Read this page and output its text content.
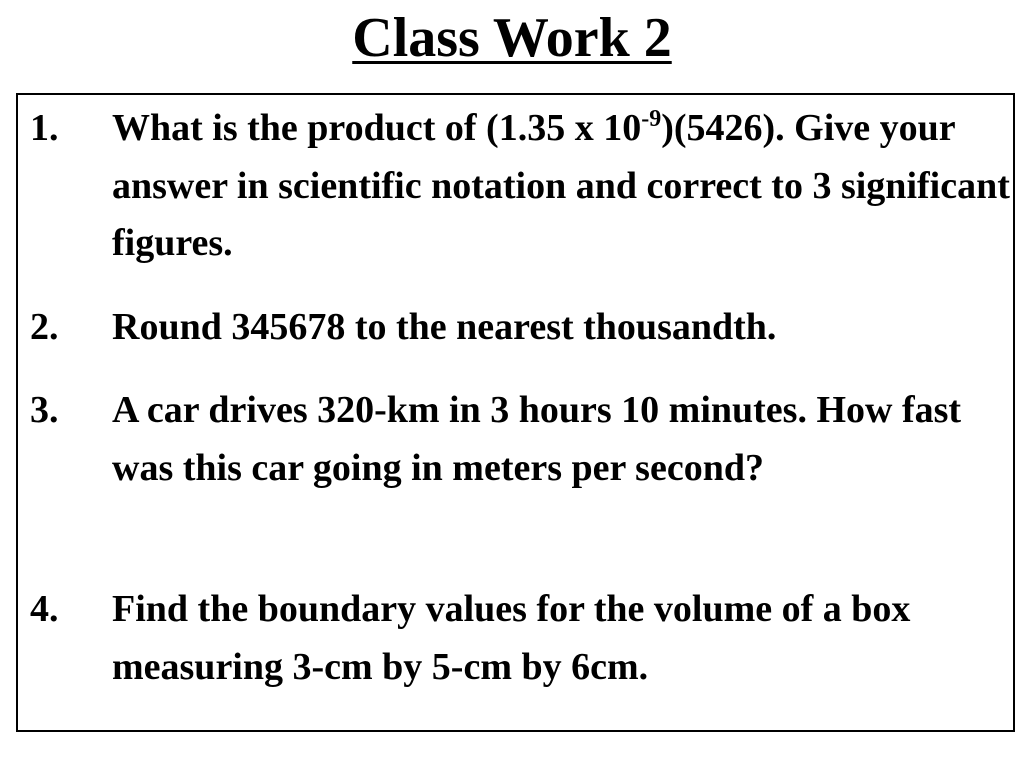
Class Work 2
1. What is the product of (1.35 x $10^{-9})(5426)$. Give your answer in scientific notation and correct to 3 significant figures.
2. Round 345678 to the nearest thousandth.
3. A car drives 320-km in 3 hours 10 minutes. How fast was this car going in meters per second?
4. Find the boundary values for the volume of a box measuring 3-cm by 5-cm by 6cm.
